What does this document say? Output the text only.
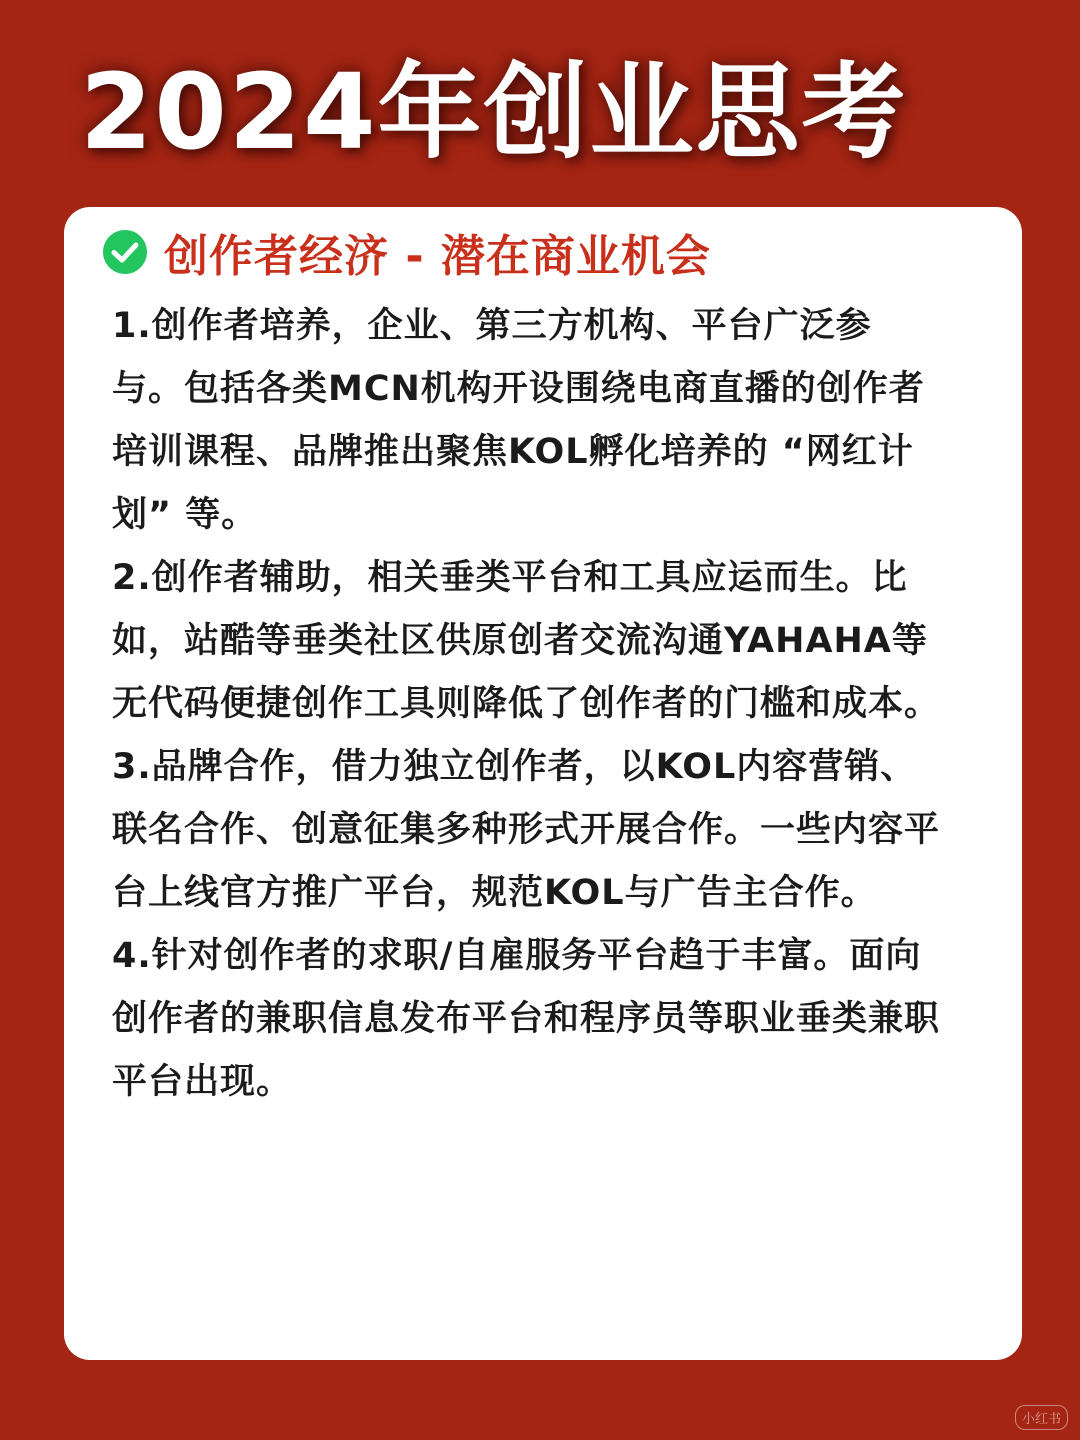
2024年创业思考
创作者经济 - 潜在商业机会

1.创作者培养，企业、第三方机构、平台广泛参与。包括各类MCN机构开设围绕电商直播的创作者培训课程、品牌推出聚焦KOL孵化培养的 “网红计划” 等。

2.创作者辅助，相关垂类平台和工具应运而生。比如，站酷等垂类社区供原创者交流沟通YAHAHA等无代码便捷创作工具则降低了创作者的门槛和成本。

3.品牌合作，借力独立创作者，以KOL内容营销、联名合作、创意征集多种形式开展合作。一些内容平台上线官方推广平台，规范KOL与广告主合作。

4.针对创作者的求职/自雇服务平台趋于丰富。面向创作者的兼职信息发布平台和程序员等职业垂类兼职平台出现。

小红书
